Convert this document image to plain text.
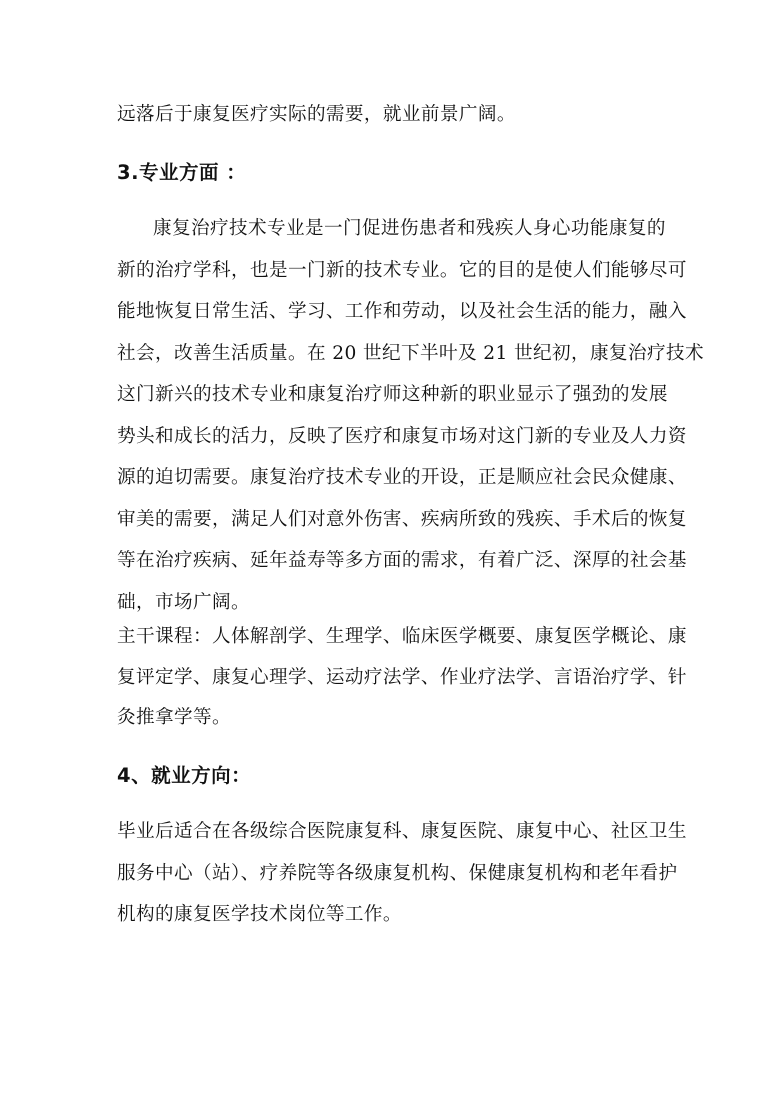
远落后于康复医疗实际的需要，就业前景广阔。
3.专业方面 ：
康复治疗技术专业是一门促进伤患者和残疾人身心功能康复的
新的治疗学科，也是一门新的技术专业。它的目的是使人们能够尽可
能地恢复日常生活、学习、工作和劳动，以及社会生活的能力，融入
社会，改善生活质量。在 20 世纪下半叶及 21 世纪初，康复治疗技术
这门新兴的技术专业和康复治疗师这种新的职业显示了强劲的发展
势头和成长的活力，反映了医疗和康复市场对这门新的专业及人力资
源的迫切需要。康复治疗技术专业的开设，正是顺应社会民众健康、
审美的需要，满足人们对意外伤害、疾病所致的残疾、手术后的恢复
等在治疗疾病、延年益寿等多方面的需求，有着广泛、深厚的社会基
础，市场广阔。
主干课程：人体解剖学、生理学、临床医学概要、康复医学概论、康
复评定学、康复心理学、运动疗法学、作业疗法学、言语治疗学、针
灸推拿学等。
4、就业方向：
毕业后适合在各级综合医院康复科、康复医院、康复中心、社区卫生
服务中心（站）、疗养院等各级康复机构、保健康复机构和老年看护
机构的康复医学技术岗位等工作。
